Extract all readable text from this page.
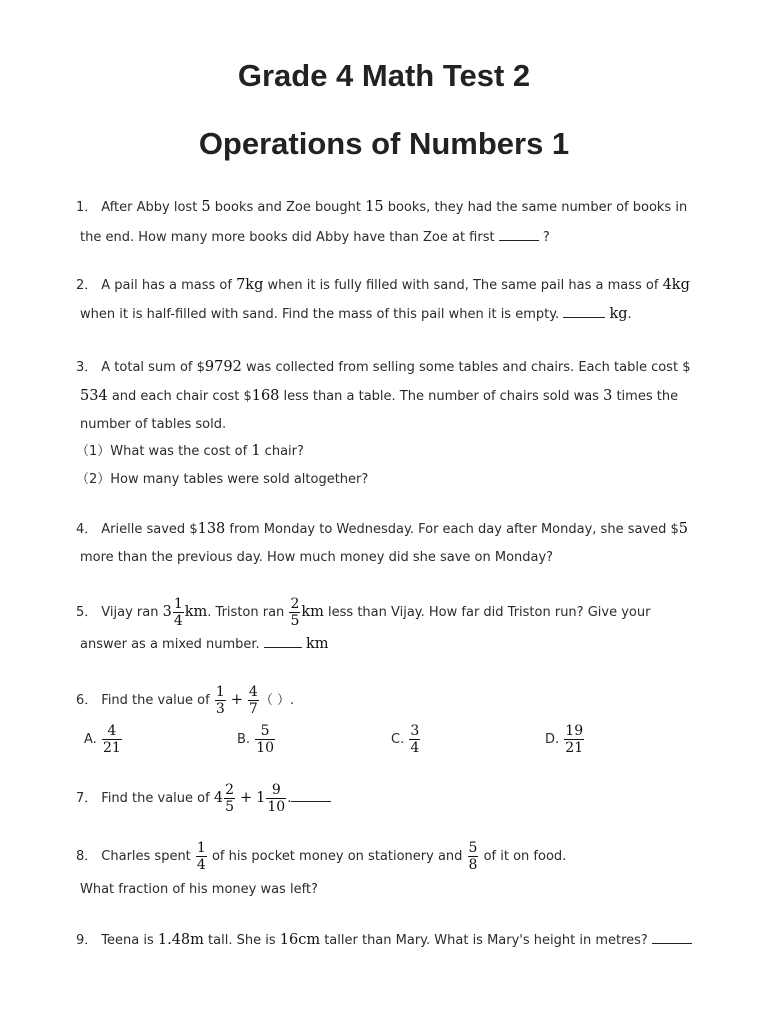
Grade 4 Math Test 2
Operations of Numbers 1
1． After Abby lost 5 books and Zoe bought 15 books, they had the same number of books in
the end. How many more books did Abby have than Zoe at first	?
2． A pail has a mass of 7kg when it is fully filled with sand, The same pail has a mass of 4kg
when it is half-filled with sand. Find the mass of this pail when it is empty.	kg.
3． A total sum of $9792 was collected from selling some tables and chairs. Each table cost $
534 and each chair cost $168 less than a table. The number of chairs sold was 3 times the
number of tables sold.
（1）What was the cost of 1 chair?
（2）How many tables were sold altogether?
4． Arielle saved $138 from Monday to Wednesday. For each day after Monday, she saved $5
more than the previous day. How much money did she save on Monday?
5． Vijay ran $3 \frac{1}{4}$ km. Triston ran $\frac{2}{5}$ km less than Vijay. How far did Triston run? Give your
answer as a mixed number.	km
6． Find the value of $\frac{1}{3} + \frac{4}{7}$ （ ）.
A. $\frac{4}{21}$	B. $\frac{5}{10}$	C. $\frac{3}{4}$	D. $\frac{19}{21}$
7． Find the value of $4 \frac{2}{5} + 1 \frac{9}{10}$ .
8． Charles spent $\frac{1}{4}$ of his pocket money on stationery and $\frac{5}{8}$ of it on food.
What fraction of his money was left?
9． Teena is 1.48m tall. She is 16cm taller than Mary. What is Mary's height in metres?
